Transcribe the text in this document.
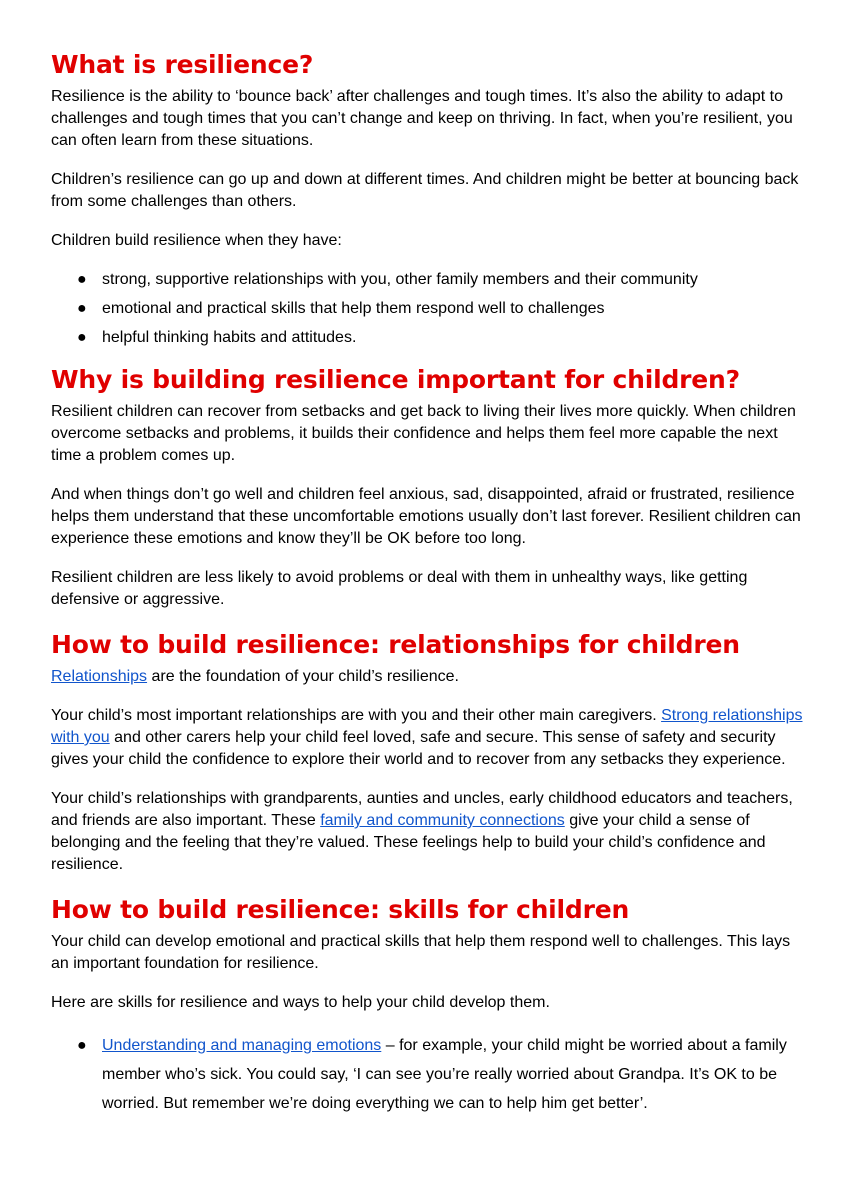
What is resilience?

Resilience is the ability to ‘bounce back’ after challenges and tough times. It’s also the ability to adapt to challenges and tough times that you can’t change and keep on thriving. In fact, when you’re resilient, you can often learn from these situations.

Children’s resilience can go up and down at different times. And children might be better at bouncing back from some challenges than others.

Children build resilience when they have:

● strong, supportive relationships with you, other family members and their community
● emotional and practical skills that help them respond well to challenges
● helpful thinking habits and attitudes.
Why is building resilience important for children?

Resilient children can recover from setbacks and get back to living their lives more quickly. When children overcome setbacks and problems, it builds their confidence and helps them feel more capable the next time a problem comes up.

And when things don’t go well and children feel anxious, sad, disappointed, afraid or frustrated, resilience helps them understand that these uncomfortable emotions usually don’t last forever. Resilient children can experience these emotions and know they’ll be OK before too long.

Resilient children are less likely to avoid problems or deal with them in unhealthy ways, like getting defensive or aggressive.

How to build resilience: relationships for children

Relationships are the foundation of your child’s resilience.

Your child’s most important relationships are with you and their other main caregivers. Strong relationships with you and other carers help your child feel loved, safe and secure. This sense of safety and security gives your child the confidence to explore their world and to recover from any setbacks they experience.

Your child’s relationships with grandparents, aunties and uncles, early childhood educators and teachers, and friends are also important. These family and community connections give your child a sense of belonging and the feeling that they’re valued. These feelings help to build your child’s confidence and resilience.

How to build resilience: skills for children

Your child can develop emotional and practical skills that help them respond well to challenges. This lays an important foundation for resilience.

Here are skills for resilience and ways to help your child develop them.

● Understanding and managing emotions – for example, your child might be worried about a family member who’s sick. You could say, ‘I can see you’re really worried about Grandpa. It’s OK to be worried. But remember we’re doing everything we can to help him get better’.
